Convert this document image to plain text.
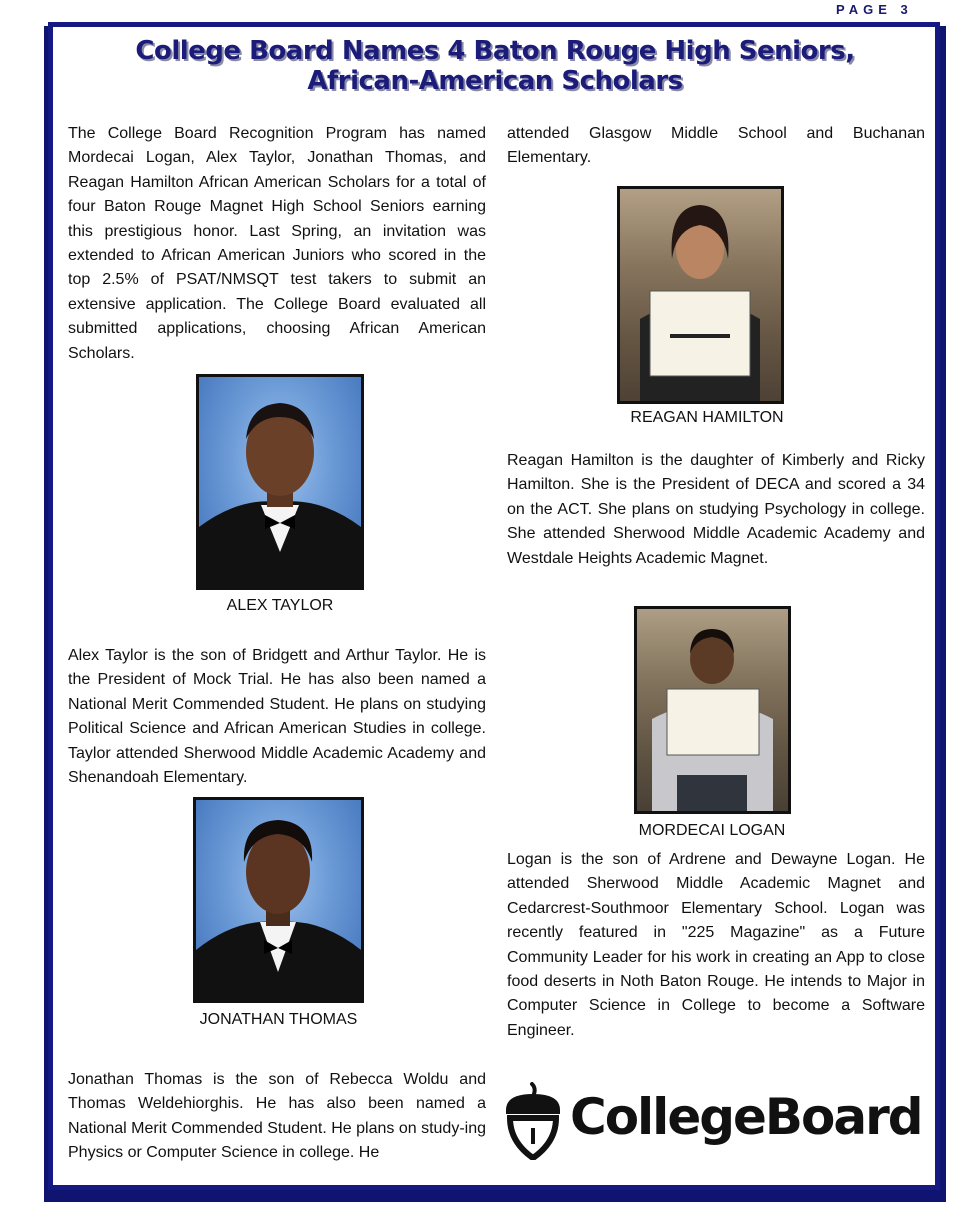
PAGE 3
College Board Names 4 Baton Rouge High Seniors,
African-American Scholars
The College Board Recognition Program has named Mordecai Logan, Alex Taylor, Jonathan Thomas, and Reagan Hamilton African American Scholars for a total of four Baton Rouge Magnet High School Seniors earning this prestigious honor. Last Spring, an invitation was extended to African American Juniors who scored in the top 2.5% of PSAT/NMSQT test takers to submit an extensive application. The College Board evaluated all submitted applications, choosing African American Scholars.
ALEX TAYLOR
Alex Taylor is the son of Bridgett and Arthur Taylor. He is the President of Mock Trial. He has also been named a National Merit Commended Student. He plans on studying Political Science and African American Studies in college. Taylor attended Sherwood Middle Academic Academy and Shenandoah Elementary.
JONATHAN THOMAS
Jonathan Thomas is the son of Rebecca Woldu and Thomas Weldehiorghis. He has also been named a National Merit Commended Student. He plans on study-ing Physics or Computer Science in college. He
attended Glasgow Middle School and Buchanan Elementary.
REAGAN HAMILTON
Reagan Hamilton is the daughter of Kimberly and Ricky Hamilton. She is the President of DECA and scored a 34 on the ACT. She plans on studying Psychology in college. She attended Sherwood Middle Academic Academy and Westdale Heights Academic Magnet.
MORDECAI LOGAN
Logan is the son of Ardrene and Dewayne Logan. He attended Sherwood Middle Academic Magnet and Cedarcrest-Southmoor Elementary School. Logan was recently featured in "225 Magazine" as a Future Community Leader for his work in creating an App to close food deserts in Noth Baton Rouge. He intends to Major in Computer Science in College to become a Software Engineer.
CollegeBoard
